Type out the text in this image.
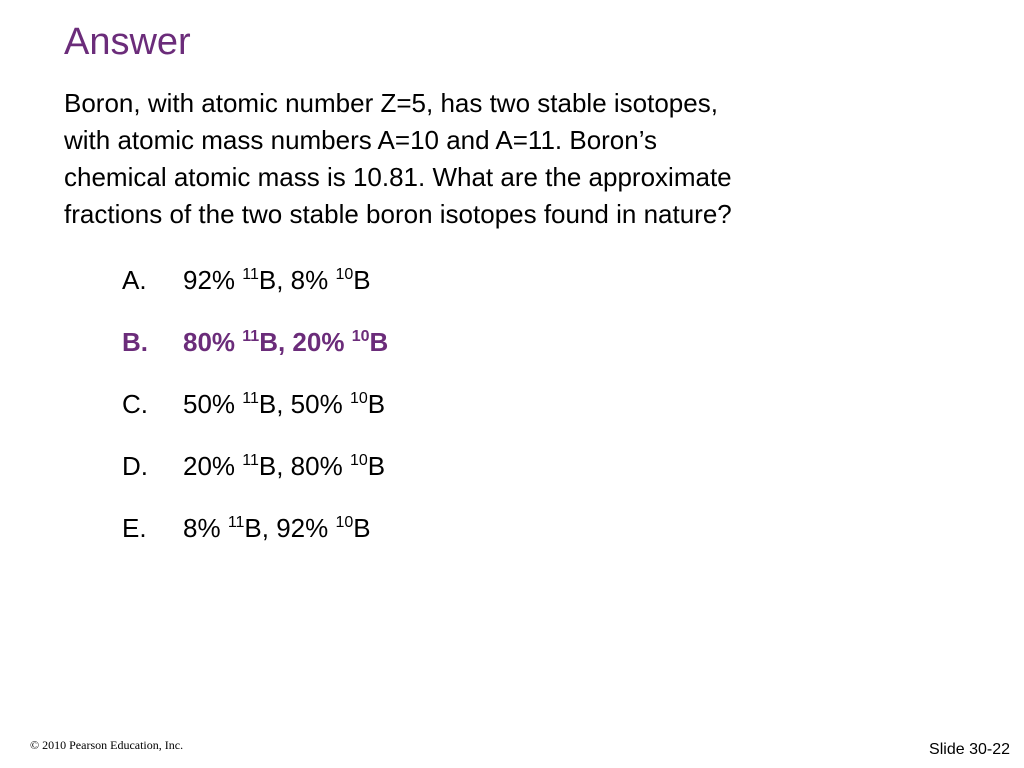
Answer

Boron, with atomic number Z=5, has two stable isotopes,
with atomic mass numbers A=10 and A=11. Boron’s
chemical atomic mass is 10.81. What are the approximate
fractions of the two stable boron isotopes found in nature?

A.	92% $^{11}$B, 8% $^{10}$B
B.	80% $^{11}$B, 20% $^{10}$B
C.	50% $^{11}$B, 50% $^{10}$B
D.	20% $^{11}$B, 80% $^{10}$B
E.	8% $^{11}$B, 92% $^{10}$B
© 2010 Pearson Education, Inc.	Slide 30-22
